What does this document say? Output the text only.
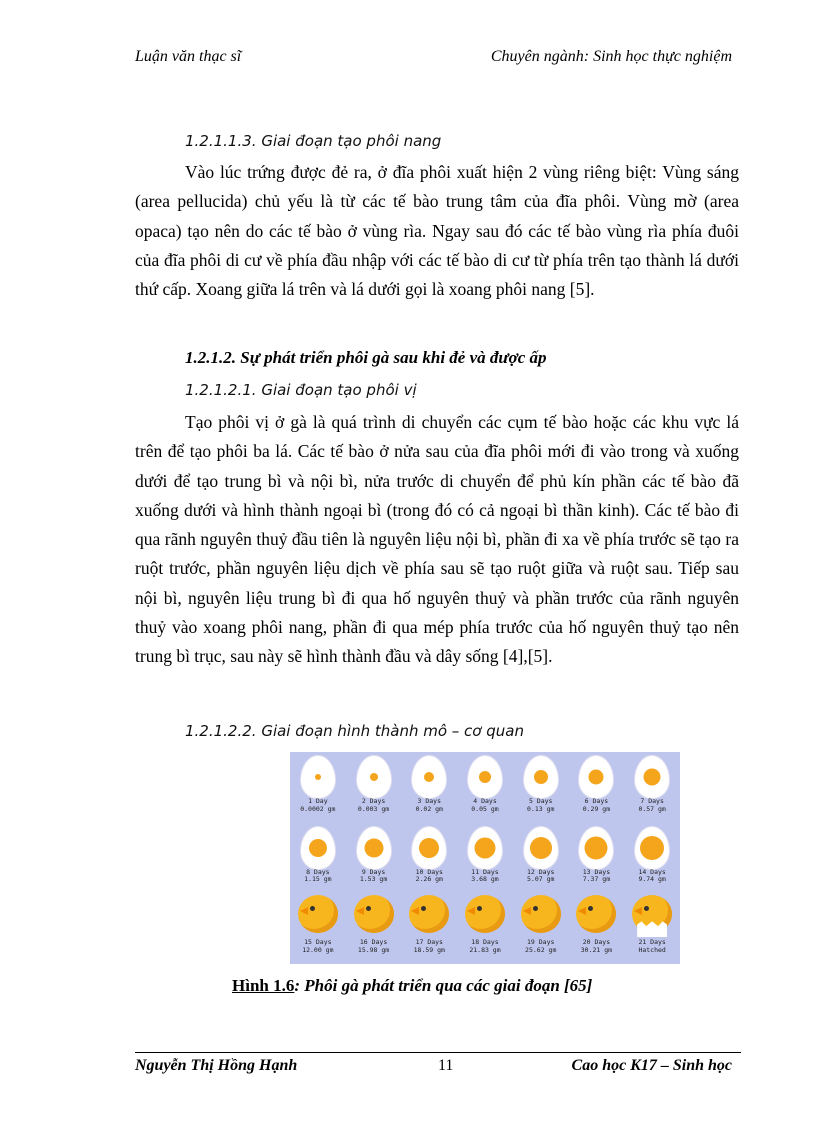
Luận văn thạc sĩ	Chuyên ngành: Sinh học thực nghiệm
1.2.1.1.3. Giai đoạn tạo phôi nang

Vào lúc trứng được đẻ ra, ở đĩa phôi xuất hiện 2 vùng riêng biệt: Vùng sáng (area pellucida) chủ yếu là từ các tế bào trung tâm của đĩa phôi. Vùng mờ (area opaca) tạo nên do các tế bào ở vùng rìa. Ngay sau đó các tế bào vùng rìa phía đuôi của đĩa phôi di cư về phía đầu nhập với các tế bào di cư từ phía trên tạo thành lá dưới thứ cấp. Xoang giữa lá trên và lá dưới gọi là xoang phôi nang [5].

1.2.1.2. Sự phát triển phôi gà sau khi đẻ và được ấp
1.2.1.2.1. Giai đoạn tạo phôi vị

Tạo phôi vị ở gà là quá trình di chuyển các cụm tế bào hoặc các khu vực lá trên để tạo phôi ba lá. Các tế bào ở nửa sau của đĩa phôi mới đi vào trong và xuống dưới để tạo trung bì và nội bì, nửa trước di chuyển để phủ kín phần các tế bào đã xuống dưới và hình thành ngoại bì (trong đó có cả ngoại bì thần kinh). Các tế bào đi qua rãnh nguyên thuỷ đầu tiên là nguyên liệu nội bì, phần đi xa về phía trước sẽ tạo ra ruột trước, phần nguyên liệu dịch về phía sau sẽ tạo ruột giữa và ruột sau. Tiếp sau nội bì, nguyên liệu trung bì đi qua hố nguyên thuỷ và phần trước của rãnh nguyên thuỷ vào xoang phôi nang, phần đi qua mép phía trước của hố nguyên thuỷ tạo nên trung bì trục, sau này sẽ hình thành đầu và dây sống [4],[5].

1.2.1.2.2. Giai đoạn hình thành mô – cơ quan
1 Day
0.0002 gm
2 Days
0.003 gm
3 Days
0.02 gm
4 Days
0.05 gm
5 Days
0.13 gm
6 Days
0.29 gm
7 Days
0.57 gm
8 Days
1.15 gm
9 Days
1.53 gm
10 Days
2.26 gm
11 Days
3.68 gm
12 Days
5.07 gm
13 Days
7.37 gm
14 Days
9.74 gm
15 Days
12.00 gm
16 Days
15.98 gm
17 Days
18.59 gm
18 Days
21.83 gm
19 Days
25.62 gm
20 Days
30.21 gm
21 Days
Hatched
Hình 1.6: Phôi gà phát triển qua các giai đoạn [65]
Nguyễn Thị Hồng Hạnh	11	Cao học K17 – Sinh học
